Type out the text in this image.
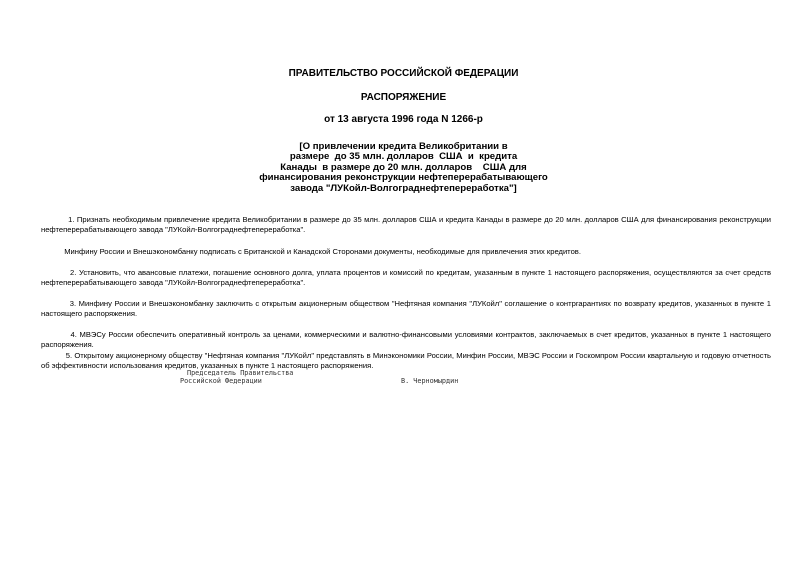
ПРАВИТЕЛЬСТВО РОССИЙСКОЙ ФЕДЕРАЦИИ
РАСПОРЯЖЕНИЕ
от 13 августа 1996 года N 1266-р
[О привлечении кредита Великобритании в
размере  до 35 млн. долларов  США  и  кредита
Канады  в размере до 20 млн. долларов    США для
финансирования реконструкции нефтеперерабатывающего
завода "ЛУКойл-Волгограднефтепереработка"]
1. Признать необходимым привлечение кредита Великобритании в размере до 35 млн. долларов США и кредита Канады в размере до 20 млн. долларов США для финансирования реконструкции нефтеперерабатывающего завода "ЛУКойл-Волгограднефтепереработка".
Минфину России и Внешэкономбанку подписать с Британской и Канадской Сторонами документы, необходимые для привлечения этих кредитов.
2. Установить, что авансовые платежи, погашение основного долга, уплата процентов и комиссий по кредитам, указанным в пункте 1 настоящего распоряжения, осуществляются за счет средств нефтеперерабатывающего завода "ЛУКойл-Волгограднефтепереработка".
3. Минфину России и Внешэкономбанку заключить с открытым акционерным обществом "Нефтяная компания "ЛУКойл" соглашение о контргарантиях по возврату кредитов, указанных в пункте 1 настоящего распоряжения.
4. МВЭСу России обеспечить оперативный контроль за ценами, коммерческими и валютно-финансовыми условиями контрактов, заключаемых в счет кредитов, указанных в пункте 1 настоящего распоряжения.
5. Открытому акционерному обществу "Нефтяная компания "ЛУКойл" представлять в Минэкономики России, Минфин России, МВЭС России и Госкомпром России квартальную и годовую отчетность об эффективности использования кредитов, указанных в пункте 1 настоящего распоряжения.
Председатель Правительства
Российской Федерации	В. Черномырдин
